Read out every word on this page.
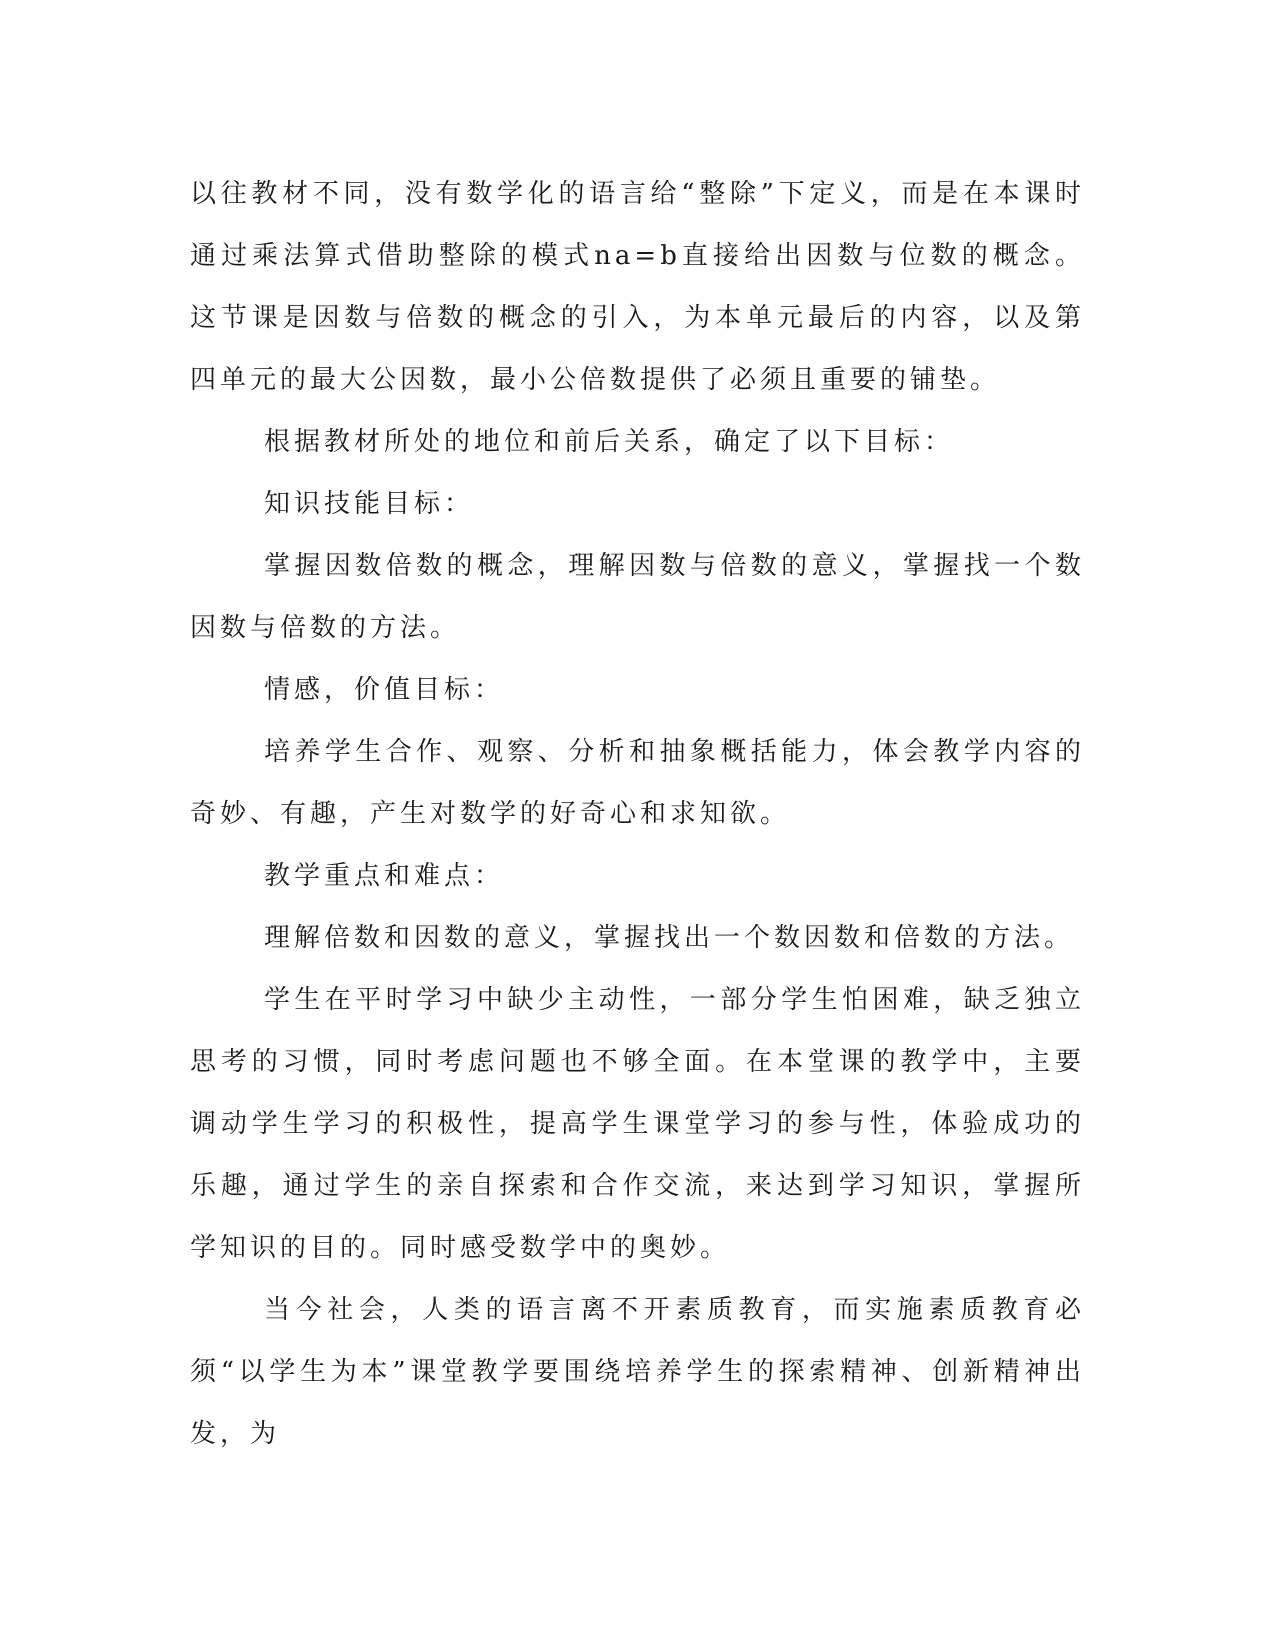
以往教材不同，没有数学化的语言给“整除”下定义，而是在本课时通过乘法算式借助整除的模式na=b直接给出因数与位数的概念。这节课是因数与倍数的概念的引入，为本单元最后的内容，以及第四单元的最大公因数，最小公倍数提供了必须且重要的铺垫。

根据教材所处的地位和前后关系，确定了以下目标：

知识技能目标：

掌握因数倍数的概念，理解因数与倍数的意义，掌握找一个数因数与倍数的方法。

情感，价值目标：

培养学生合作、观察、分析和抽象概括能力，体会教学内容的奇妙、有趣，产生对数学的好奇心和求知欲。

教学重点和难点：

理解倍数和因数的意义，掌握找出一个数因数和倍数的方法。

学生在平时学习中缺少主动性，一部分学生怕困难，缺乏独立思考的习惯，同时考虑问题也不够全面。在本堂课的教学中，主要调动学生学习的积极性，提高学生课堂学习的参与性，体验成功的乐趣，通过学生的亲自探索和合作交流，来达到学习知识，掌握所学知识的目的。同时感受数学中的奥妙。

当今社会，人类的语言离不开素质教育，而实施素质教育必须“以学生为本”课堂教学要围绕培养学生的探索精神、创新精神出发，为
